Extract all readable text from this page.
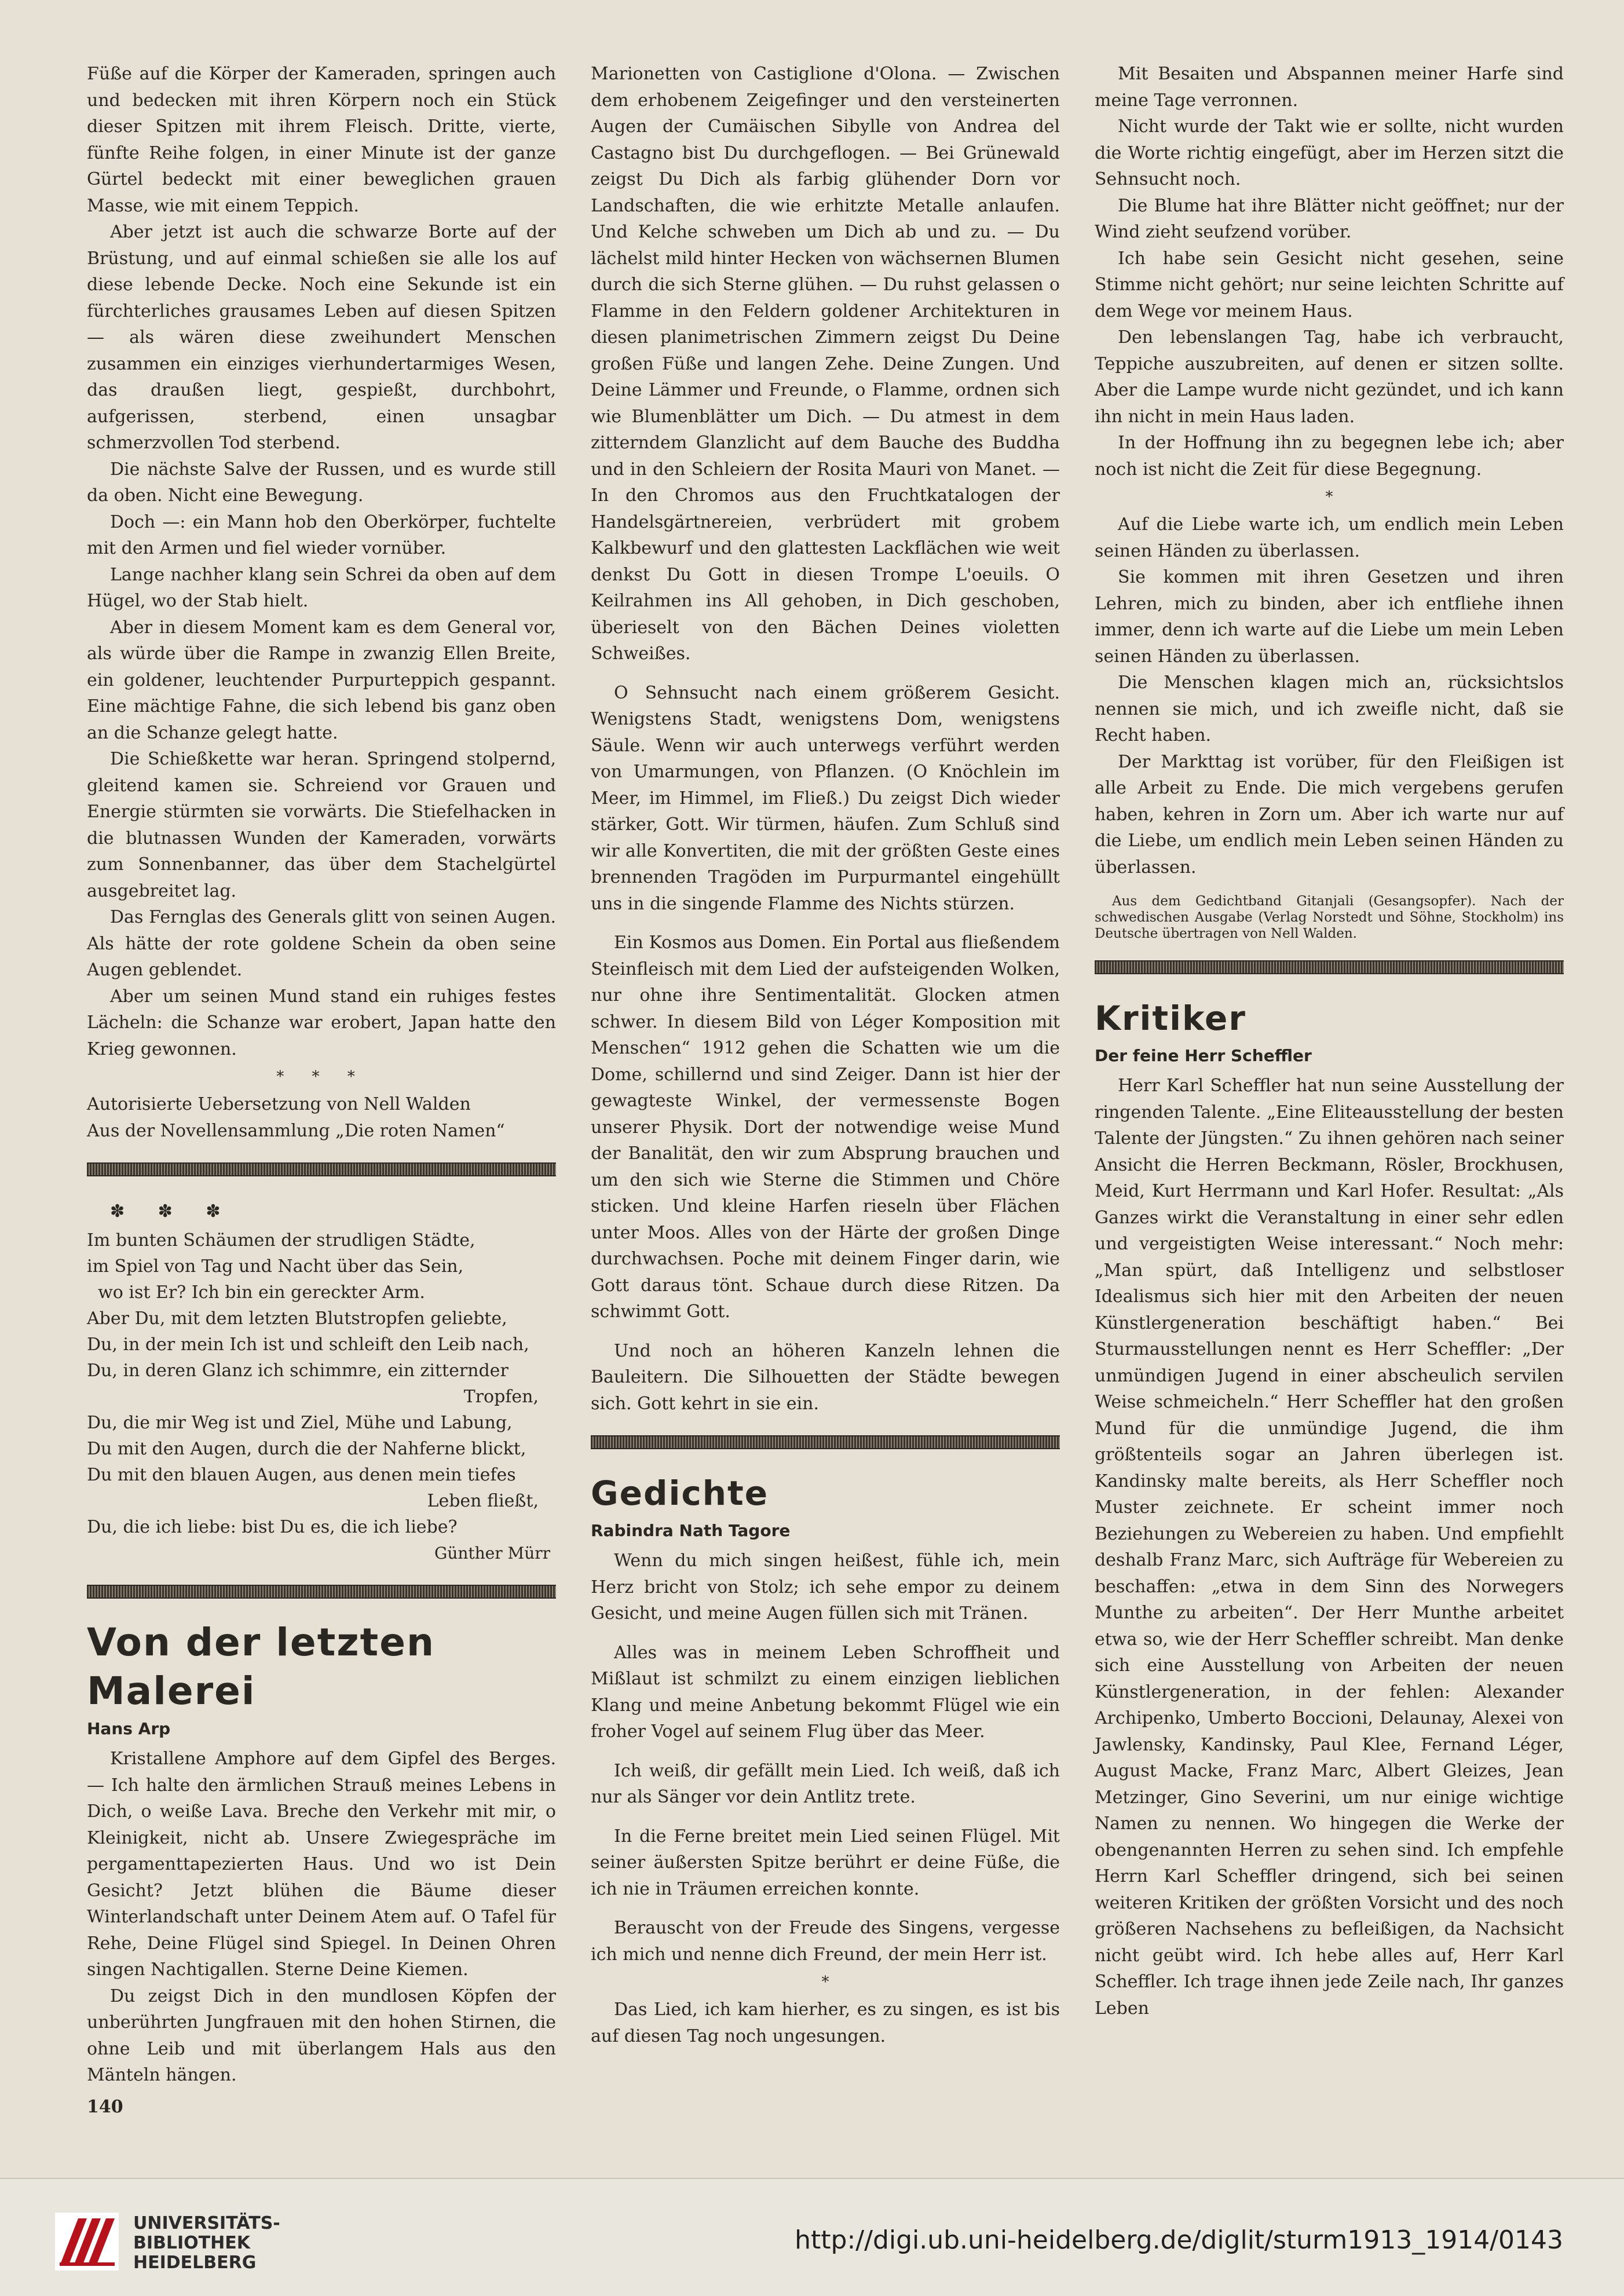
Füße auf die Körper der Kameraden, springen auch und bedecken mit ihren Körpern noch ein Stück dieser Spitzen mit ihrem Fleisch. Dritte, vierte, fünfte Reihe folgen, in einer Minute ist der ganze Gürtel bedeckt mit einer beweglichen grauen Masse, wie mit einem Teppich.

Aber jetzt ist auch die schwarze Borte auf der Brüstung, und auf einmal schießen sie alle los auf diese lebende Decke. Noch eine Sekunde ist ein fürchterliches grausames Leben auf diesen Spitzen — als wären diese zweihundert Menschen zusammen ein einziges vierhundertarmiges Wesen, das draußen liegt, gespießt, durchbohrt, aufgerissen, sterbend, einen unsagbar schmerzvollen Tod sterbend.

Die nächste Salve der Russen, und es wurde still da oben. Nicht eine Bewegung.

Doch —: ein Mann hob den Oberkörper, fuchtelte mit den Armen und fiel wieder vornüber.

Lange nachher klang sein Schrei da oben auf dem Hügel, wo der Stab hielt.

Aber in diesem Moment kam es dem General vor, als würde über die Rampe in zwanzig Ellen Breite, ein goldener, leuchtender Purpurteppich gespannt. Eine mächtige Fahne, die sich lebend bis ganz oben an die Schanze gelegt hatte.

Die Schießkette war heran. Springend stolpernd, gleitend kamen sie. Schreiend vor Grauen und Energie stürmten sie vorwärts. Die Stiefelhacken in die blutnassen Wunden der Kameraden, vorwärts zum Sonnenbanner, das über dem Stachelgürtel ausgebreitet lag.

Das Fernglas des Generals glitt von seinen Augen. Als hätte der rote goldene Schein da oben seine Augen geblendet.

Aber um seinen Mund stand ein ruhiges festes Lächeln: die Schanze war erobert, Japan hatte den Krieg gewonnen.

* * *

Autorisierte Uebersetzung von Nell Walden

Aus der Novellensammlung „Die roten Namen“

✽ ✽ ✽
Im bunten Schäumen der strudligen Städte,
im Spiel von Tag und Nacht über das Sein,
wo ist Er? Ich bin ein gereckter Arm.
Aber Du, mit dem letzten Blutstropfen geliebte,
Du, in der mein Ich ist und schleift den Leib nach,
Du, in deren Glanz ich schimmre, ein zitternder
Tropfen,
Du, die mir Weg ist und Ziel, Mühe und Labung,
Du mit den Augen, durch die der Nahferne blickt,
Du mit den blauen Augen, aus denen mein tiefes
Leben fließt,
Du, die ich liebe: bist Du es, die ich liebe?
Günther Mürr
Von der letzten Malerei
Hans Arp

Kristallene Amphore auf dem Gipfel des Berges. — Ich halte den ärmlichen Strauß meines Lebens in Dich, o weiße Lava. Breche den Verkehr mit mir, o Kleinigkeit, nicht ab. Unsere Zwiegespräche im pergamenttapezierten Haus. Und wo ist Dein Gesicht? Jetzt blühen die Bäume dieser Winterlandschaft unter Deinem Atem auf. O Tafel für Rehe, Deine Flügel sind Spiegel. In Deinen Ohren singen Nachtigallen. Sterne Deine Kiemen.

Du zeigst Dich in den mundlosen Köpfen der unberührten Jungfrauen mit den hohen Stirnen, die ohne Leib und mit überlangem Hals aus den Mänteln hängen.

Marionetten von Castiglione d'Olona. — Zwischen dem erhobenem Zeigefinger und den versteinerten Augen der Cumäischen Sibylle von Andrea del Castagno bist Du durchgeflogen. — Bei Grünewald zeigst Du Dich als farbig glühender Dorn vor Landschaften, die wie erhitzte Metalle anlaufen. Und Kelche schweben um Dich ab und zu. — Du lächelst mild hinter Hecken von wächsernen Blumen durch die sich Sterne glühen. — Du ruhst gelassen o Flamme in den Feldern goldener Architekturen in diesen planimetrischen Zimmern zeigst Du Deine großen Füße und langen Zehe. Deine Zungen. Und Deine Lämmer und Freunde, o Flamme, ordnen sich wie Blumenblätter um Dich. — Du atmest in dem zitterndem Glanzlicht auf dem Bauche des Buddha und in den Schleiern der Rosita Mauri von Manet. — In den Chromos aus den Fruchtkatalogen der Handelsgärtnereien, verbrüdert mit grobem Kalkbewurf und den glattesten Lackflächen wie weit denkst Du Gott in diesen Trompe L'oeuils. O Keilrahmen ins All gehoben, in Dich geschoben, überieselt von den Bächen Deines violetten Schweißes.

O Sehnsucht nach einem größerem Gesicht. Wenigstens Stadt, wenigstens Dom, wenigstens Säule. Wenn wir auch unterwegs verführt werden von Umarmungen, von Pflanzen. (O Knöchlein im Meer, im Himmel, im Fließ.) Du zeigst Dich wieder stärker, Gott. Wir türmen, häufen. Zum Schluß sind wir alle Konvertiten, die mit der größten Geste eines brennenden Tragöden im Purpurmantel eingehüllt uns in die singende Flamme des Nichts stürzen.

Ein Kosmos aus Domen. Ein Portal aus fließendem Steinfleisch mit dem Lied der aufsteigenden Wolken, nur ohne ihre Sentimentalität. Glocken atmen schwer. In diesem Bild von Léger Komposition mit Menschen“ 1912 gehen die Schatten wie um die Dome, schillernd und sind Zeiger. Dann ist hier der gewagteste Winkel, der vermessenste Bogen unserer Physik. Dort der notwendige weise Mund der Banalität, den wir zum Absprung brauchen und um den sich wie Sterne die Stimmen und Chöre sticken. Und kleine Harfen rieseln über Flächen unter Moos. Alles von der Härte der großen Dinge durchwachsen. Poche mit deinem Finger darin, wie Gott daraus tönt. Schaue durch diese Ritzen. Da schwimmt Gott.

Und noch an höheren Kanzeln lehnen die Bauleitern. Die Silhouetten der Städte bewegen sich. Gott kehrt in sie ein.

Gedichte
Rabindra Nath Tagore

Wenn du mich singen heißest, fühle ich, mein Herz bricht von Stolz; ich sehe empor zu deinem Gesicht, und meine Augen füllen sich mit Tränen.

Alles was in meinem Leben Schroffheit und Mißlaut ist schmilzt zu einem einzigen lieblichen Klang und meine Anbetung bekommt Flügel wie ein froher Vogel auf seinem Flug über das Meer.

Ich weiß, dir gefällt mein Lied. Ich weiß, daß ich nur als Sänger vor dein Antlitz trete.

In die Ferne breitet mein Lied seinen Flügel. Mit seiner äußersten Spitze berührt er deine Füße, die ich nie in Träumen erreichen konnte.

Berauscht von der Freude des Singens, vergesse ich mich und nenne dich Freund, der mein Herr ist.

*

Das Lied, ich kam hierher, es zu singen, es ist bis auf diesen Tag noch ungesungen.

Mit Besaiten und Abspannen meiner Harfe sind meine Tage verronnen.

Nicht wurde der Takt wie er sollte, nicht wurden die Worte richtig eingefügt, aber im Herzen sitzt die Sehnsucht noch.

Die Blume hat ihre Blätter nicht geöffnet; nur der Wind zieht seufzend vorüber.

Ich habe sein Gesicht nicht gesehen, seine Stimme nicht gehört; nur seine leichten Schritte auf dem Wege vor meinem Haus.

Den lebenslangen Tag, habe ich verbraucht, Teppiche auszubreiten, auf denen er sitzen sollte. Aber die Lampe wurde nicht gezündet, und ich kann ihn nicht in mein Haus laden.

In der Hoffnung ihn zu begegnen lebe ich; aber noch ist nicht die Zeit für diese Begegnung.

*

Auf die Liebe warte ich, um endlich mein Leben seinen Händen zu überlassen.

Sie kommen mit ihren Gesetzen und ihren Lehren, mich zu binden, aber ich entfliehe ihnen immer, denn ich warte auf die Liebe um mein Leben seinen Händen zu überlassen.

Die Menschen klagen mich an, rücksichtslos nennen sie mich, und ich zweifle nicht, daß sie Recht haben.

Der Markttag ist vorüber, für den Fleißigen ist alle Arbeit zu Ende. Die mich vergebens gerufen haben, kehren in Zorn um. Aber ich warte nur auf die Liebe, um endlich mein Leben seinen Händen zu überlassen.

Aus dem Gedichtband Gitanjali (Gesangsopfer). Nach der schwedischen Ausgabe (Verlag Norstedt und Söhne, Stockholm) ins Deutsche übertragen von Nell Walden.
Kritiker
Der feine Herr Scheffler

Herr Karl Scheffler hat nun seine Ausstellung der ringenden Talente. „Eine Eliteausstellung der besten Talente der Jüngsten.“ Zu ihnen gehören nach seiner Ansicht die Herren Beckmann, Rösler, Brockhusen, Meid, Kurt Herrmann und Karl Hofer. Resultat: „Als Ganzes wirkt die Veranstaltung in einer sehr edlen und vergeistigten Weise interessant.“ Noch mehr: „Man spürt, daß Intelligenz und selbstloser Idealismus sich hier mit den Arbeiten der neuen Künstlergeneration beschäftigt haben.“ Bei Sturmausstellungen nennt es Herr Scheffler: „Der unmündigen Jugend in einer abscheulich servilen Weise schmeicheln.“ Herr Scheffler hat den großen Mund für die unmündige Jugend, die ihm größtenteils sogar an Jahren überlegen ist. Kandinsky malte bereits, als Herr Scheffler noch Muster zeichnete. Er scheint immer noch Beziehungen zu Webereien zu haben. Und empfiehlt deshalb Franz Marc, sich Aufträge für Webereien zu beschaffen: „etwa in dem Sinn des Norwegers Munthe zu arbeiten“. Der Herr Munthe arbeitet etwa so, wie der Herr Scheffler schreibt. Man denke sich eine Ausstellung von Arbeiten der neuen Künstlergeneration, in der fehlen: Alexander Archipenko, Umberto Boccioni, Delaunay, Alexei von Jawlensky, Kandinsky, Paul Klee, Fernand Léger, August Macke, Franz Marc, Albert Gleizes, Jean Metzinger, Gino Severini, um nur einige wichtige Namen zu nennen. Wo hingegen die Werke der obengenannten Herren zu sehen sind. Ich empfehle Herrn Karl Scheffler dringend, sich bei seinen weiteren Kritiken der größten Vorsicht und des noch größeren Nachsehens zu befleißigen, da Nachsicht nicht geübt wird. Ich hebe alles auf, Herr Karl Scheffler. Ich trage ihnen jede Zeile nach, Ihr ganzes Leben

140
UNIVERSITÄTS-
BIBLIOTHEK
HEIDELBERG
http://digi.ub.uni-heidelberg.de/diglit/sturm1913_1914/0143
